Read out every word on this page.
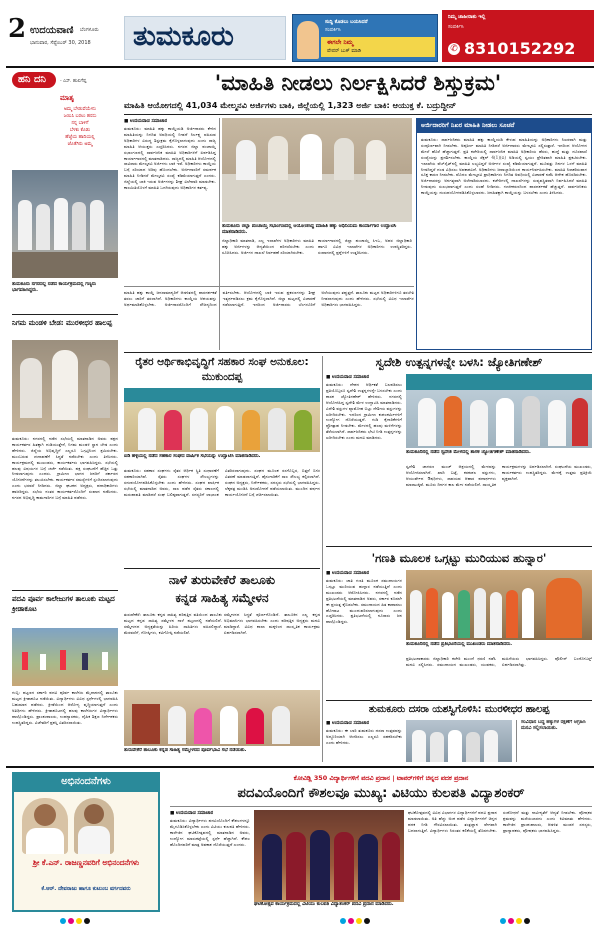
2 ಉದಯವಾಣಿ ಬೆಂಗಳೂರು
ಭಾನುವಾರ, ಸೆಪ್ಟೆಂಬರ್ 30, 2018 ತುಮಕೂರು	ಸುದ್ದಿ ಕೊಡಲು ಬಯಸಿದರೆ
ಸಂಪರ್ಕಿಸಿ
ಈಗಲೇ ನಿಮ್ಮ
ಪೇಪರ್ ಬುಕ್ ಮಾಡಿ
ನಿಮ್ಮ ಜಾಹೀರಾತು ಇಲ್ಲಿ
ಸಂಪರ್ಕಿಸಿ
✆ 8310152292
ಹನಿ ದನಿ	- ಎಸ್. ಹುಲಿಗೆಪ್ಪ
ಮಾತೃ
ಅಮ್ಮ ಬೇಡುವೆಯೇನು
ಜಯಿಸಿ ಬರಲು ಹರಸು
ನನ್ನ ಬಾಳಿಗೆ
ಬೆಳಕು ಕೊಡು
ಹೆಜ್ಜೆಯ ಹಾದಿಯಲ್ಲಿ
ಜೊತೆಗಿರು ಅಮ್ಮ
ತುಮಕೂರು ನಗರದಲ್ಲಿ ನಡೆದ ಕಾರ್ಯಕ್ರಮದಲ್ಲಿ ಗಣ್ಯರು ಭಾಗವಹಿಸಿದ್ದರು.
ನಿಗಮ ಮಂಡಳಿ ಬೇಡ: ಮುರಳೀಧರ ಹಾಲಪ್ಪ
ತುಮಕೂರು: ನಗರದಲ್ಲಿ ನಡೆದ ಸಭೆಯಲ್ಲಿ ಮಾತನಾಡಿದ ಅವರು ಪಕ್ಷದ ಕಾರ್ಯಕರ್ತರ ಹಿತಕ್ಕಾಗಿ ದುಡಿಯುತ್ತೇನೆ, ನಿಗಮ ಮಂಡಳಿ ಸ್ಥಾನ ಬೇಡ ಎಂದು ಹೇಳಿದರು. ಜಿಲ್ಲೆಯ ಅಭಿವೃದ್ಧಿಗೆ ಎಲ್ಲರೂ ಒಗ್ಗಟ್ಟಿನಿಂದ ಶ್ರಮಿಸಬೇಕು. ಮುಂಬರುವ ಚುನಾವಣೆಗೆ ಸಿದ್ಧತೆ ನಡೆಸಬೇಕು ಎಂದು ತಿಳಿಸಿದರು. ಕಾರ್ಯಕ್ರಮದಲ್ಲಿ ಮುಖಂಡರು, ಕಾರ್ಯಕರ್ತರು ಭಾಗವಹಿಸಿದ್ದರು. ಸಭೆಯಲ್ಲಿ ಹಲವು ವಿಷಯಗಳ ಬಗ್ಗೆ ಚರ್ಚೆ ನಡೆಯಿತು. ಪಕ್ಷ ಸಂಘಟನೆಗೆ ಹೆಚ್ಚಿನ ಒತ್ತು ನೀಡಲಾಗುವುದು ಎಂದರು. ಗ್ರಾಮೀಣ ಭಾಗದ ಜನರಿಗೆ ಸರ್ಕಾರದ ಯೋಜನೆಗಳನ್ನು ತಲುಪಿಸಬೇಕು. ಕಾರ್ಯಕರ್ತರ ಸಮಸ್ಯೆಗಳಿಗೆ ಸ್ಪಂದಿಸಲಾಗುವುದು ಎಂದು ಭರವಸೆ ನೀಡಿದರು. ಜಿಲ್ಲಾ ಘಟಕದ ಅಧ್ಯಕ್ಷರು, ಪದಾಧಿಕಾರಿಗಳು ಹಾಜರಿದ್ದರು. ಸಭೆಯ ನಂತರ ಕಾರ್ಯಕರ್ತರೊಂದಿಗೆ ಸಂವಾದ ನಡೆಸಿದರು. ನಗರದ ಅಭಿವೃದ್ಧಿ ಕಾಮಗಾರಿಗಳ ಬಗ್ಗೆ ಮಾಹಿತಿ ಪಡೆದರು.
ಪದವಿ ಪೂರ್ವ ಕಾಲೇಜುಗಳ ತಾಲೂಕು ಮಟ್ಟದ ಕ್ರೀಡಾಕೂಟ
ಗುಬ್ಬಿ: ಪಟ್ಟಣದ ಸರ್ಕಾರಿ ಪದವಿ ಪೂರ್ವ ಕಾಲೇಜು ಮೈದಾನದಲ್ಲಿ ತಾಲೂಕು ಮಟ್ಟದ ಕ್ರೀಡಾಕೂಟ ನಡೆಯಿತು. ವಿದ್ಯಾರ್ಥಿಗಳು ವಿವಿಧ ಸ್ಪರ್ಧೆಗಳಲ್ಲಿ ಭಾಗವಹಿಸಿ ಬಹುಮಾನ ಪಡೆದರು. ಕ್ರೀಡೆಯಿಂದ ಆರೋಗ್ಯ ವೃದ್ಧಿಯಾಗುತ್ತದೆ ಎಂದು ಅತಿಥಿಗಳು ಹೇಳಿದರು. ಕ್ರೀಡಾಕೂಟದಲ್ಲಿ ಹಲವು ಕಾಲೇಜುಗಳ ವಿದ್ಯಾರ್ಥಿಗಳು ಪಾಲ್ಗೊಂಡಿದ್ದರು. ಪ್ರಾಂಶುಪಾಲರು, ಉಪನ್ಯಾಸಕರು, ದೈಹಿಕ ಶಿಕ್ಷಣ ನಿರ್ದೇಶಕರು ಉಪಸ್ಥಿತರಿದ್ದರು. ವಿಜೇತರಿಗೆ ಪ್ರಶಸ್ತಿ ವಿತರಿಸಲಾಯಿತು.
'ಮಾಹಿತಿ ನೀಡಲು ನಿರ್ಲಕ್ಷಿಸಿದರೆ ಶಿಸ್ತುಕ್ರಮ'
ಮಾಹಿತಿ ಆಯೋಗದಲ್ಲಿ 41,034 ಮೇಲ್ಮನವಿ ಅರ್ಜಿಗಳು ಬಾಕಿ, ಜಿಲ್ಲೆಯಲ್ಲಿ 1,323 ಅರ್ಜಿ ಬಾಕಿ: ಆಯುಕ್ತ ಕೆ. ಬದ್ರುದ್ದೀನ್
■ ಉದಯವಾಣಿ ಸಮಾಚಾರ
ತುಮಕೂರು: ಮಾಹಿತಿ ಹಕ್ಕು ಕಾಯ್ದೆಯಡಿ ಅರ್ಜಿದಾರರು ಕೇಳಿದ ಮಾಹಿತಿಯನ್ನು ನಿಗದಿತ ಅವಧಿಯಲ್ಲಿ ನೀಡದೆ ನಿರ್ಲಕ್ಷ್ಯ ವಹಿಸುವ ಅಧಿಕಾರಿಗಳ ವಿರುದ್ಧ ಶಿಸ್ತುಕ್ರಮ ಕೈಗೊಳ್ಳಲಾಗುವುದು ಎಂದು ರಾಜ್ಯ ಮಾಹಿತಿ ಆಯುಕ್ತರು ಎಚ್ಚರಿಸಿದರು. ನಗರದ ಜಿಲ್ಲಾ ಪಂಚಾಯ್ತಿ ಸಭಾಂಗಣದಲ್ಲಿ ಸಾರ್ವಜನಿಕ ಮಾಹಿತಿ ಅಧಿಕಾರಿಗಳಿಗೆ ಏರ್ಪಡಿಸಿದ್ದ ಕಾರ್ಯಾಗಾರದಲ್ಲಿ ಮಾತನಾಡಿದರು. ರಾಜ್ಯದಲ್ಲಿ ಮಾಹಿತಿ ಆಯೋಗದಲ್ಲಿ ಸಾವಿರಾರು ಮೇಲ್ಮನವಿ ಅರ್ಜಿಗಳು ಬಾಕಿ ಇವೆ. ಅಧಿಕಾರಿಗಳು ಕಾಯ್ದೆಯ ಬಗ್ಗೆ ಸರಿಯಾದ ಅರಿವು ಹೊಂದಬೇಕು. ಅರ್ಜಿದಾರರಿಗೆ ಸಮರ್ಪಕ ಮಾಹಿತಿ ನೀಡಿದರೆ ಮೇಲ್ಮನವಿ ಸಂಖ್ಯೆ ಕಡಿಮೆಯಾಗುತ್ತದೆ ಎಂದರು. ಜಿಲ್ಲೆಯಲ್ಲಿ ಬಾಕಿ ಇರುವ ಅರ್ಜಿಗಳನ್ನು ಶೀಘ್ರ ವಿಲೇವಾರಿ ಮಾಡಬೇಕು. ಕಾಲಮಿತಿಯೊಳಗೆ ಮಾಹಿತಿ ಒದಗಿಸುವುದು ಅಧಿಕಾರಿಗಳ ಕರ್ತವ್ಯ.
ತುಮಕೂರು ಜಿಲ್ಲಾ ಪಂಚಾಯ್ತಿ ಸಭಾಂಗಣದಲ್ಲಿ ಆಯೋಜಿಸಿದ್ದ ಮಾಹಿತಿ ಹಕ್ಕು ಅಧಿನಿಯಮ ಕಾರ್ಯಾಗಾರ ಉದ್ಘಾಟಿಸಿ ಮಾತನಾಡಿದರು.
ಜಿಲ್ಲಾಧಿಕಾರಿ ಮಾತನಾಡಿ, ಎಲ್ಲ ಇಲಾಖೆಗಳ ಅಧಿಕಾರಿಗಳು ಮಾಹಿತಿ ಹಕ್ಕು ಅರ್ಜಿಗಳನ್ನು ಆದ್ಯತೆಯಿಂದ ಪರಿಗಣಿಸಬೇಕು ಎಂದು ಸೂಚಿಸಿದರು. ಅರ್ಜಿಗಳ ದಾಖಲೆ ನಿರ್ವಹಣೆ ಸರಿಯಾಗಿರಬೇಕು.
ಕಾರ್ಯಾಗಾರದಲ್ಲಿ ಜಿಲ್ಲಾ ಪಂಚಾಯ್ತಿ ಸಿಇಒ, ಅಪರ ಜಿಲ್ಲಾಧಿಕಾರಿ ಹಾಗೂ ವಿವಿಧ ಇಲಾಖೆಗಳ ಅಧಿಕಾರಿಗಳು ಉಪಸ್ಥಿತರಿದ್ದರು. ಸಂವಾದದಲ್ಲಿ ಪ್ರಶ್ನೆಗಳಿಗೆ ಉತ್ತರಿಸಿದರು.
ಅರ್ಜಿದಾರರಿಗೆ ನಿಖರ ಮಾಹಿತಿ ನೀಡಲು ಸೂಚನೆ
ತುಮಕೂರು: ಸಾರ್ವಜನಿಕರು ಮಾಹಿತಿ ಹಕ್ಕು ಕಾಯ್ದೆಯಡಿ ಕೇಳುವ ಮಾಹಿತಿಯನ್ನು ಅಧಿಕಾರಿಗಳು ನಿಖರವಾಗಿ ಮತ್ತು ಸಂಪೂರ್ಣವಾಗಿ ನೀಡಬೇಕು. ಅಪೂರ್ಣ ಮಾಹಿತಿ ನೀಡಿದರೆ ಅರ್ಜಿದಾರರು ಮೇಲ್ಮನವಿ ಸಲ್ಲಿಸುತ್ತಾರೆ. ಇದರಿಂದ ಆಯೋಗದ ಮೇಲೆ ಹೊರೆ ಹೆಚ್ಚಾಗುತ್ತದೆ. ಪ್ರತಿ ಕಚೇರಿಯಲ್ಲಿ ಸಾರ್ವಜನಿಕ ಮಾಹಿತಿ ಅಧಿಕಾರಿಯ ಹೆಸರು, ಹುದ್ದೆ ಮತ್ತು ದೂರವಾಣಿ ಸಂಖ್ಯೆಯನ್ನು ಪ್ರದರ್ಶಿಸಬೇಕು. ಕಾಯ್ದೆಯ ಸೆಕ್ಷನ್ 4(1)(ಬಿ) ಅಡಿಯಲ್ಲಿ ಸ್ವಯಂ ಪ್ರೇರಿತವಾಗಿ ಮಾಹಿತಿ ಪ್ರಕಟಿಸಬೇಕು. ಇಲಾಖೆಯ ವೆಬ್‌ಸೈಟ್‌ನಲ್ಲಿ ಮಾಹಿತಿ ಲಭ್ಯವಿದ್ದರೆ ಅರ್ಜಿಗಳ ಸಂಖ್ಯೆ ಕಡಿಮೆಯಾಗುತ್ತದೆ. ಮೂವತ್ತು ದಿನಗಳ ಒಳಗೆ ಮಾಹಿತಿ ನೀಡದಿದ್ದರೆ ದಂಡ ವಿಧಿಸಲು ಅವಕಾಶವಿದೆ. ಅಧಿಕಾರಿಗಳು ಜವಾಬ್ದಾರಿಯಿಂದ ಕಾರ್ಯನಿರ್ವಹಿಸಬೇಕು. ಮಾಹಿತಿ ನಿರಾಕರಿಸುವಾಗ ಸೂಕ್ತ ಕಾರಣ ನೀಡಬೇಕು. ಮೊದಲ ಮೇಲ್ಮನವಿ ಪ್ರಾಧಿಕಾರಿಗಳು ನಿಗದಿತ ಅವಧಿಯಲ್ಲಿ ವಿಚಾರಣೆ ನಡೆಸಿ ಆದೇಶ ಹೊರಡಿಸಬೇಕು. ಅರ್ಜಿದಾರರನ್ನು ಅನಗತ್ಯವಾಗಿ ಅಲೆದಾಡಿಸಬಾರದು. ಕಚೇರಿಗಳಲ್ಲಿ ದಾಖಲೆಗಳನ್ನು ಸುವ್ಯವಸ್ಥಿತವಾಗಿ ನಿರ್ವಹಿಸಿದರೆ ಮಾಹಿತಿ ನೀಡುವುದು ಸುಲಭವಾಗುತ್ತದೆ ಎಂದು ಸಲಹೆ ನೀಡಿದರು. ಗಣಕೀಕರಣದಿಂದ ಪಾರದರ್ಶಕತೆ ಹೆಚ್ಚುತ್ತದೆ. ಸಾರ್ವಜನಿಕರು ಕಾಯ್ದೆಯನ್ನು ದುರುಪಯೋಗಪಡಿಸಿಕೊಳ್ಳಬಾರದು. ಜನಹಿತಕ್ಕಾಗಿ ಕಾಯ್ದೆಯನ್ನು ಬಳಸಬೇಕು ಎಂದು ತಿಳಿಸಿದರು.
ಮಾಹಿತಿ ಹಕ್ಕು ಕಾಯ್ದೆ ಜನಸಾಮಾನ್ಯರಿಗೆ ಆಡಳಿತದಲ್ಲಿ ಪಾರದರ್ಶಕತೆ ತರಲು ಜಾರಿಗೆ ತರಲಾಗಿದೆ. ಅಧಿಕಾರಿಗಳು ಕಾಯ್ದೆಯ ಆಶಯವನ್ನು ಅರ್ಥಮಾಡಿಕೊಳ್ಳಬೇಕು. ಅರ್ಜಿದಾರರೊಂದಿಗೆ ಸೌಜನ್ಯದಿಂದ ವರ್ತಿಸಬೇಕು. ಆಯೋಗದಲ್ಲಿ ಬಾಕಿ ಇರುವ ಪ್ರಕರಣಗಳನ್ನು ಶೀಘ್ರ ಇತ್ಯರ್ಥಪಡಿಸಲು ಕ್ರಮ ಕೈಗೊಳ್ಳಲಾಗಿದೆ. ಜಿಲ್ಲಾ ಮಟ್ಟದಲ್ಲಿ ವಿಚಾರಣೆ ನಡೆಸಲಾಗುತ್ತಿದೆ. ಇದರಿಂದ ಅರ್ಜಿದಾರರು ಬೆಂಗಳೂರಿಗೆ ಅಲೆಯುವುದು ತಪ್ಪುತ್ತದೆ. ತಾಲೂಕು ಮಟ್ಟದ ಅಧಿಕಾರಿಗಳಿಗೂ ತರಬೇತಿ ನೀಡಲಾಗುವುದು ಎಂದು ಹೇಳಿದರು. ಸಭೆಯಲ್ಲಿ ವಿವಿಧ ಇಲಾಖೆಗಳ ಅಧಿಕಾರಿಗಳು ಭಾಗವಹಿಸಿದ್ದರು.
ರೈತರ ಆರ್ಥಿಕಾಭಿವೃದ್ಧಿಗೆ ಸಹಕಾರ ಸಂಘ ಅನುಕೂಲ: ಮುಕುಂದಪ್ಪ
ಐಡಿ ಹಳ್ಳಿಯಲ್ಲಿ ನಡೆದ ಸಹಕಾರ ಸಂಘದ ವಾರ್ಷಿಕ ಸಭೆಯನ್ನು ಉದ್ಘಾಟಿಸಿ ಮಾತನಾಡಿದರು.
ತುಮಕೂರು: ಸಹಕಾರ ಸಂಘಗಳು ರೈತರ ಆರ್ಥಿಕ ಸ್ಥಿತಿ ಸುಧಾರಣೆಗೆ ಸಹಕಾರಿಯಾಗಿವೆ. ರೈತರು ಸಂಘಗಳ ಸೌಲಭ್ಯಗಳನ್ನು ಸದುಪಯೋಗಪಡಿಸಿಕೊಳ್ಳಬೇಕು ಎಂದು ಹೇಳಿದರು. ಸಂಘದ ವಾರ್ಷಿಕ ಸಭೆಯಲ್ಲಿ ಮಾತನಾಡಿದ ಅವರು, ಸಾಲ ಪಡೆದ ರೈತರು ಸಕಾಲದಲ್ಲಿ ಮರುಪಾವತಿ ಮಾಡಿದರೆ ಸಂಘ ಬಲಿಷ್ಠವಾಗುತ್ತದೆ. ಸದಸ್ಯರಿಗೆ ಲಾಭಾಂಶ ವಿತರಿಸಲಾಗುವುದು. ಸಂಘದ ಮೂಲಕ ರಸಗೊಬ್ಬರ, ಬಿತ್ತನೆ ಬೀಜ ವಿತರಣೆ ಮಾಡಲಾಗುತ್ತಿದೆ. ಹೈನುಗಾರಿಕೆಗೆ ಸಾಲ ಸೌಲಭ್ಯ ಕಲ್ಪಿಸಲಾಗಿದೆ. ಸಂಘದ ಅಧ್ಯಕ್ಷರು, ನಿರ್ದೇಶಕರು, ಸದಸ್ಯರು ಸಭೆಯಲ್ಲಿ ಭಾಗವಹಿಸಿದ್ದರು. ಲೆಕ್ಕಪತ್ರ ಮಂಡಿಸಿ ಅನುಮೋದನೆ ಪಡೆಯಲಾಯಿತು. ಮುಂದಿನ ವರ್ಷದ ಕಾರ್ಯಯೋಜನೆ ಬಗ್ಗೆ ಚರ್ಚಿಸಲಾಯಿತು.
ಸ್ವದೇಶಿ ಉತ್ಪನ್ನಗಳನ್ನೇ ಬಳಸಿ: ಜ್ಯೋತಿಗಣೇಶ್
■ ಉದಯವಾಣಿ ಸಮಾಚಾರ
ತುಮಕೂರು: ದೇಶದ ಆರ್ಥಿಕತೆ ಬಲಪಡಿಸಲು ಪ್ರತಿಯೊಬ್ಬರೂ ಸ್ವದೇಶಿ ಉತ್ಪನ್ನಗಳನ್ನೇ ಬಳಸಬೇಕು ಎಂದು ಶಾಸಕ ಜ್ಯೋತಿಗಣೇಶ್ ಹೇಳಿದರು. ನಗರದಲ್ಲಿ ಆಯೋಜಿಸಿದ್ದ ಸ್ವದೇಶಿ ಮೇಳ ಉದ್ಘಾಟಿಸಿ ಮಾತನಾಡಿದರು. ವಿದೇಶಿ ವಸ್ತುಗಳ ವ್ಯಾಮೋಹ ಬಿಟ್ಟು ದೇಶೀಯ ವಸ್ತುಗಳನ್ನು ಖರೀದಿಸಬೇಕು. ಇದರಿಂದ ಗ್ರಾಮೀಣ ಕುಶಲಕರ್ಮಿಗಳಿಗೆ ಉದ್ಯೋಗ ದೊರೆಯುತ್ತದೆ. ಗುಡಿ ಕೈಗಾರಿಕೆಗಳಿಗೆ ಪ್ರೋತ್ಸಾಹ ನೀಡಬೇಕು. ಮೇಳದಲ್ಲಿ ಹಲವು ಮಳಿಗೆಗಳನ್ನು ತೆರೆಯಲಾಗಿದೆ. ಸಾರ್ವಜನಿಕರು ಭೇಟಿ ನೀಡಿ ಉತ್ಪನ್ನಗಳನ್ನು ಖರೀದಿಸಬೇಕು ಎಂದು ಮನವಿ ಮಾಡಿದರು.
ತುಮಕೂರಿನಲ್ಲಿ ನಡೆದ ಸ್ವದೇಶಿ ಮೇಳದಲ್ಲಿ ಶಾಸಕ ಜ್ಯೋತಿಗಣೇಶ್ ಮಾತನಾಡಿದರು.
ಸ್ವದೇಶಿ ಜಾಗರಣ ಮಂಚ್ ಆಶ್ರಯದಲ್ಲಿ ಮೇಳವನ್ನು ಆಯೋಜಿಸಲಾಗಿದೆ. ಖಾದಿ ಬಟ್ಟೆ, ಕರಕುಶಲ ವಸ್ತುಗಳು, ಆಯುರ್ವೇದ ಔಷಧಿಗಳು, ಸಾವಯವ ಆಹಾರ ಪದಾರ್ಥಗಳು ಮಾರಾಟಕ್ಕಿವೆ. ಮೂರು ದಿನಗಳ ಕಾಲ ಮೇಳ ನಡೆಯಲಿದೆ. ಸಾಂಸ್ಕೃತಿಕ ಕಾರ್ಯಕ್ರಮಗಳನ್ನು ಏರ್ಪಡಿಸಲಾಗಿದೆ. ಸಂಘಟನೆಯ ಮುಖಂಡರು, ಕಾರ್ಯಕರ್ತರು ಉಪಸ್ಥಿತರಿದ್ದರು. ಮೇಳಕ್ಕೆ ಉತ್ತಮ ಪ್ರತಿಕ್ರಿಯೆ ವ್ಯಕ್ತವಾಗಿದೆ.
ನಾಳೆ ತುರುವೇಕೆರೆ ತಾಲೂಕು
ಕನ್ನಡ ಸಾಹಿತ್ಯ ಸಮ್ಮೇಳನ
ತುರುವೇಕೆರೆ: ತಾಲೂಕು ಕನ್ನಡ ಸಾಹಿತ್ಯ ಪರಿಷತ್ತಿನ ವತಿಯಿಂದ ತಾಲೂಕು ಮಟ್ಟದ ಕನ್ನಡ ಸಾಹಿತ್ಯ ಸಮ್ಮೇಳನ ನಾಳೆ ಪಟ್ಟಣದಲ್ಲಿ ನಡೆಯಲಿದೆ. ಸಮ್ಮೇಳನದ ಅಧ್ಯಕ್ಷತೆಯನ್ನು ಹಿರಿಯ ಸಾಹಿತಿಗಳು ವಹಿಸಲಿದ್ದಾರೆ. ಮೆರವಣಿಗೆ, ಗೋಷ್ಠಿಗಳು, ಕವಿಗೋಷ್ಠಿ ನಡೆಯಲಿವೆ.
ಸಮ್ಮೇಳನದ ಸಿದ್ಧತೆ ಪೂರ್ಣಗೊಂಡಿದೆ. ತಾಲೂಕಿನ ಎಲ್ಲ ಕನ್ನಡ ಅಭಿಮಾನಿಗಳು ಭಾಗವಹಿಸಬೇಕು ಎಂದು ಪರಿಷತ್ತಿನ ಅಧ್ಯಕ್ಷರು ಮನವಿ ಮಾಡಿದ್ದಾರೆ. ವಿವಿಧ ಶಾಲಾ ಮಕ್ಕಳಿಂದ ಸಾಂಸ್ಕೃತಿಕ ಕಾರ್ಯಕ್ರಮ ಏರ್ಪಡಿಸಲಾಗಿದೆ.
ತುರುವೇಕೆರೆ ತಾಲೂಕು ಕನ್ನಡ ಸಾಹಿತ್ಯ ಸಮ್ಮೇಳನದ ಪೂರ್ವಭಾವಿ ಸಭೆ ನಡೆಯಿತು.
'ಗಣತಿ ಮೂಲಕ ಒಗ್ಗಟ್ಟು ಮುರಿಯುವ ಹುನ್ನಾರ'
■ ಉದಯವಾಣಿ ಸಮಾಚಾರ
ತುಮಕೂರು: ಜಾತಿ ಗಣತಿ ಮೂಲಕ ಸಮುದಾಯಗಳ ಒಗ್ಗಟ್ಟು ಮುರಿಯುವ ಹುನ್ನಾರ ನಡೆಯುತ್ತಿದೆ ಎಂದು ಮುಖಂಡರು ಆರೋಪಿಸಿದರು. ನಗರದಲ್ಲಿ ನಡೆದ ಪ್ರತಿಭಟನೆಯಲ್ಲಿ ಮಾತನಾಡಿದ ಅವರು, ಸರ್ಕಾರ ಕೂಡಲೇ ಈ ಪ್ರಯತ್ನ ಕೈಬಿಡಬೇಕು. ಸಮುದಾಯದ ಹಿತ ಕಾಪಾಡಲು ಹೋರಾಟ ಮುಂದುವರಿಸಲಾಗುವುದು ಎಂದು ಎಚ್ಚರಿಸಿದರು. ಪ್ರತಿಭಟನೆಯಲ್ಲಿ ನೂರಾರು ಜನ ಪಾಲ್ಗೊಂಡಿದ್ದರು.
ತುಮಕೂರಿನಲ್ಲಿ ನಡೆದ ಪ್ರತಿಭಟನೆಯಲ್ಲಿ ಮುಖಂಡರು ಮಾತನಾಡಿದರು.
ಪ್ರತಿಭಟನಾಕಾರರು ಜಿಲ್ಲಾಧಿಕಾರಿ ಕಚೇರಿ ಮುಂದೆ ಧರಣಿ ನಡೆಸಿ ಮನವಿ ಸಲ್ಲಿಸಿದರು. ಸಮುದಾಯದ ಮುಖಂಡರು, ಯುವಕರು, ಮಹಿಳೆಯರು ಭಾಗವಹಿಸಿದ್ದರು. ಪೊಲೀಸ್ ಬಂದೋಬಸ್ತ್ ಏರ್ಪಡಿಸಲಾಗಿತ್ತು.
ತುಮಕೂರು ದಸರಾ ಯಶಸ್ವಿಗೊಳಿಸಿ: ಮುರಳೀಧರ ಹಾಲಪ್ಪ
■ ಉದಯವಾಣಿ ಸಮಾಚಾರ
ತುಮಕೂರು: ಈ ಬಾರಿ ತುಮಕೂರು ದಸರಾ ಉತ್ಸವವನ್ನು ಅದ್ದೂರಿಯಾಗಿ ಆಚರಿಸಲು ಎಲ್ಲರೂ ಸಹಕರಿಸಬೇಕು ಎಂದು ಹೇಳಿದರು.
ಸಂವಿಧಾನ ಬದ್ಧ ಹಕ್ಕುಗಳ ರಕ್ಷಣೆಗೆ ಆಗ್ರಹಿಸಿ ಮನವಿ ಸಲ್ಲಿಸಲಾಯಿತು.
ಅಭಿನಂದನೆಗಳು
ಶ್ರೀ ಕೆ.ಎನ್. ರಾಜಣ್ಣನವರಿಗೆ ಅಭಿನಂದನೆಗಳು
ಕೆ.ಆರ್. ದೇವರಾಜು ಹಾಗೂ ಕುಟುಂಬ ವರ್ಗದವರು
ಕೋವಿಡ್ಲಿ 350 ವಿದ್ಯಾರ್ಥಿಗಳಿಗೆ ಪದವಿ ಪ್ರದಾನ | ಟಾಪರ್‌ಗಳಿಗೆ ಚಿನ್ನದ ಪದಕ ಪ್ರದಾನ
ಪದವಿಯೊಂದಿಗೆ ಕೌಶಲವೂ ಮುಖ್ಯ: ವಿಟಿಯು ಕುಲಪತಿ ವಿದ್ಯಾಶಂಕರ್
■ ಉದಯವಾಣಿ ಸಮಾಚಾರ
ತುಮಕೂರು: ವಿದ್ಯಾರ್ಥಿಗಳು ಪದವಿಯೊಂದಿಗೆ ಕೌಶಲಗಳನ್ನೂ ಮೈಗೂಡಿಸಿಕೊಳ್ಳಬೇಕು ಎಂದು ವಿಟಿಯು ಕುಲಪತಿ ಹೇಳಿದರು. ಕಾಲೇಜಿನ ಘಟಿಕೋತ್ಸವದಲ್ಲಿ ಮಾತನಾಡಿದ ಅವರು, ಉದ್ಯೋಗ ಮಾರುಕಟ್ಟೆಯಲ್ಲಿ ಸ್ಪರ್ಧೆ ಹೆಚ್ಚಾಗಿದೆ. ಕೌಶಲ ಹೊಂದಿದವರಿಗೆ ಮಾತ್ರ ಅವಕಾಶ ದೊರೆಯುತ್ತದೆ ಎಂದರು.
ಘಟಿಕೋತ್ಸವ ಕಾರ್ಯಕ್ರಮದಲ್ಲಿ ವಿಟಿಯು ಕುಲಪತಿ ವಿದ್ಯಾಶಂಕರ್ ಪದವಿ ಪ್ರದಾನ ಮಾಡಿದರು.
ಘಟಿಕೋತ್ಸವದಲ್ಲಿ ವಿವಿಧ ವಿಭಾಗಗಳ ವಿದ್ಯಾರ್ಥಿಗಳಿಗೆ ಪದವಿ ಪ್ರದಾನ ಮಾಡಲಾಯಿತು. ಅತಿ ಹೆಚ್ಚು ಅಂಕ ಪಡೆದ ವಿದ್ಯಾರ್ಥಿಗಳಿಗೆ ಚಿನ್ನದ ಪದಕ ನೀಡಿ ಗೌರವಿಸಲಾಯಿತು. ತಂತ್ರಜ್ಞಾನ ವೇಗವಾಗಿ ಬದಲಾಗುತ್ತಿದೆ. ವಿದ್ಯಾರ್ಥಿಗಳು ನಿರಂತರ ಕಲಿಕೆಯಲ್ಲಿ ತೊಡಗಬೇಕು. ಸಂಶೋಧನೆ ಮತ್ತು ನಾವೀನ್ಯತೆಗೆ ಆದ್ಯತೆ ನೀಡಬೇಕು. ಪೋಷಕರ ಶ್ರಮವನ್ನು ಮರೆಯಬಾರದು ಎಂದು ಕಿವಿಮಾತು ಹೇಳಿದರು. ಕಾಲೇಜಿನ ಪ್ರಾಂಶುಪಾಲರು, ಆಡಳಿತ ಮಂಡಳಿ ಸದಸ್ಯರು, ಪ್ರಾಧ್ಯಾಪಕರು, ಪೋಷಕರು ಭಾಗವಹಿಸಿದ್ದರು.
